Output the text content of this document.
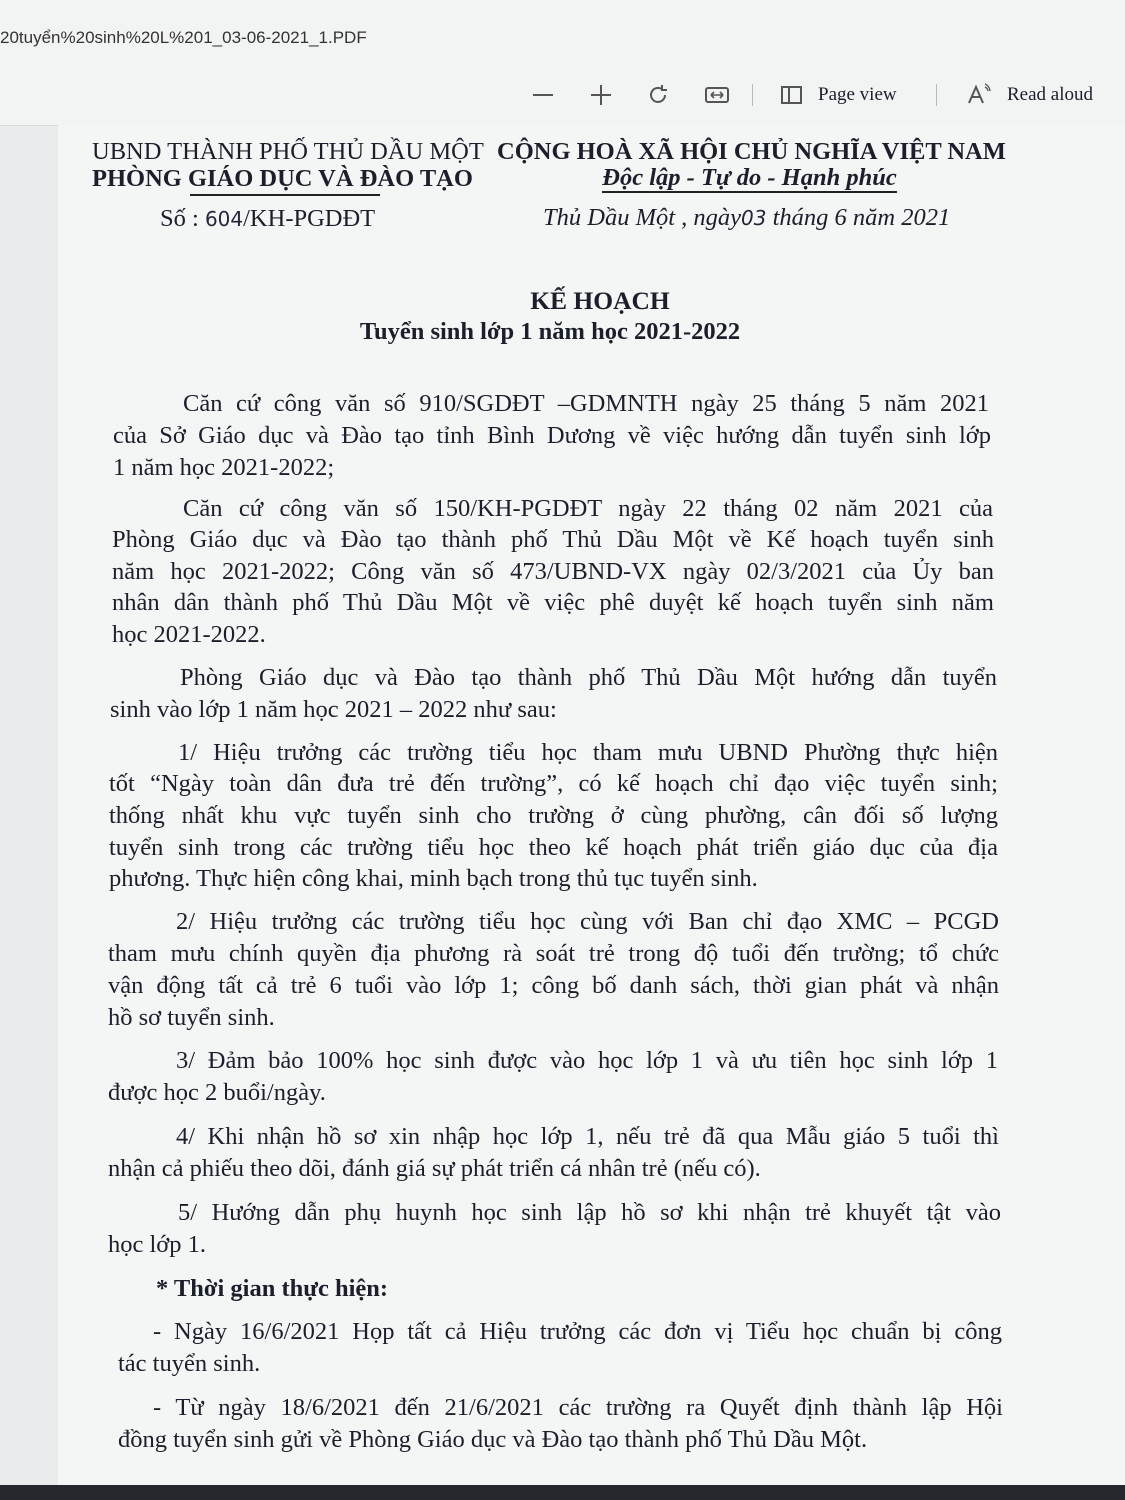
20tuyển%20sinh%20L%201_03-06-2021_1.PDF
Page view	Read aloud
UBND THÀNH PHỐ THỦ DẦU MỘT
PHÒNG GIÁO DỤC VÀ ĐÀO TẠO
Số : 604/KH-PGDĐT
CỘNG HOÀ XÃ HỘI CHỦ NGHĨA VIỆT NAM
Độc lập - Tự do - Hạnh phúc
Thủ Dầu Một , ngày03 tháng 6 năm 2021
KẾ HOẠCH
Tuyển sinh lớp 1 năm học 2021-2022
Căn cứ công văn số 910/SGDĐT –GDMNTH ngày 25 tháng 5 năm 2021
của Sở Giáo dục và Đào tạo tỉnh Bình Dương về việc hướng dẫn tuyển sinh lớp
1 năm học 2021-2022;
Căn cứ công văn số 150/KH-PGDĐT ngày 22 tháng 02 năm 2021 của
Phòng Giáo dục và Đào tạo thành phố Thủ Dầu Một về Kế hoạch tuyển sinh
năm học 2021-2022; Công văn số 473/UBND-VX ngày 02/3/2021 của Ủy ban
nhân dân thành phố Thủ Dầu Một về việc phê duyệt kế hoạch tuyển sinh năm
học 2021-2022.
Phòng Giáo dục và Đào tạo thành phố Thủ Dầu Một hướng dẫn tuyển
sinh vào lớp 1 năm học 2021 – 2022 như sau:
1/ Hiệu trưởng các trường tiểu học tham mưu UBND Phường thực hiện
tốt “Ngày toàn dân đưa trẻ đến trường”, có kế hoạch chỉ đạo việc tuyển sinh;
thống nhất khu vực tuyển sinh cho trường ở cùng phường, cân đối số lượng
tuyển sinh trong các trường tiểu học theo kế hoạch phát triển giáo dục của địa
phương. Thực hiện công khai, minh bạch trong thủ tục tuyển sinh.
2/ Hiệu trưởng các trường tiểu học cùng với Ban chỉ đạo XMC – PCGD
tham mưu chính quyền địa phương rà soát trẻ trong độ tuổi đến trường; tổ chức
vận động tất cả trẻ 6 tuổi vào lớp 1; công bố danh sách, thời gian phát và nhận
hồ sơ tuyển sinh.
3/ Đảm bảo 100% học sinh được vào học lớp 1 và ưu tiên học sinh lớp 1
được học 2 buổi/ngày.
4/ Khi nhận hồ sơ xin nhập học lớp 1, nếu trẻ đã qua Mẫu giáo 5 tuổi thì
nhận cả phiếu theo dõi, đánh giá sự phát triển cá nhân trẻ (nếu có).
5/ Hướng dẫn phụ huynh học sinh lập hồ sơ khi nhận trẻ khuyết tật vào
học lớp 1.
* Thời gian thực hiện:
- Ngày 16/6/2021 Họp tất cả Hiệu trưởng các đơn vị Tiểu học chuẩn bị công
tác tuyển sinh.
- Từ ngày 18/6/2021 đến 21/6/2021 các trường ra Quyết định thành lập Hội
đồng tuyển sinh gửi về Phòng Giáo dục và Đào tạo thành phố Thủ Dầu Một.
